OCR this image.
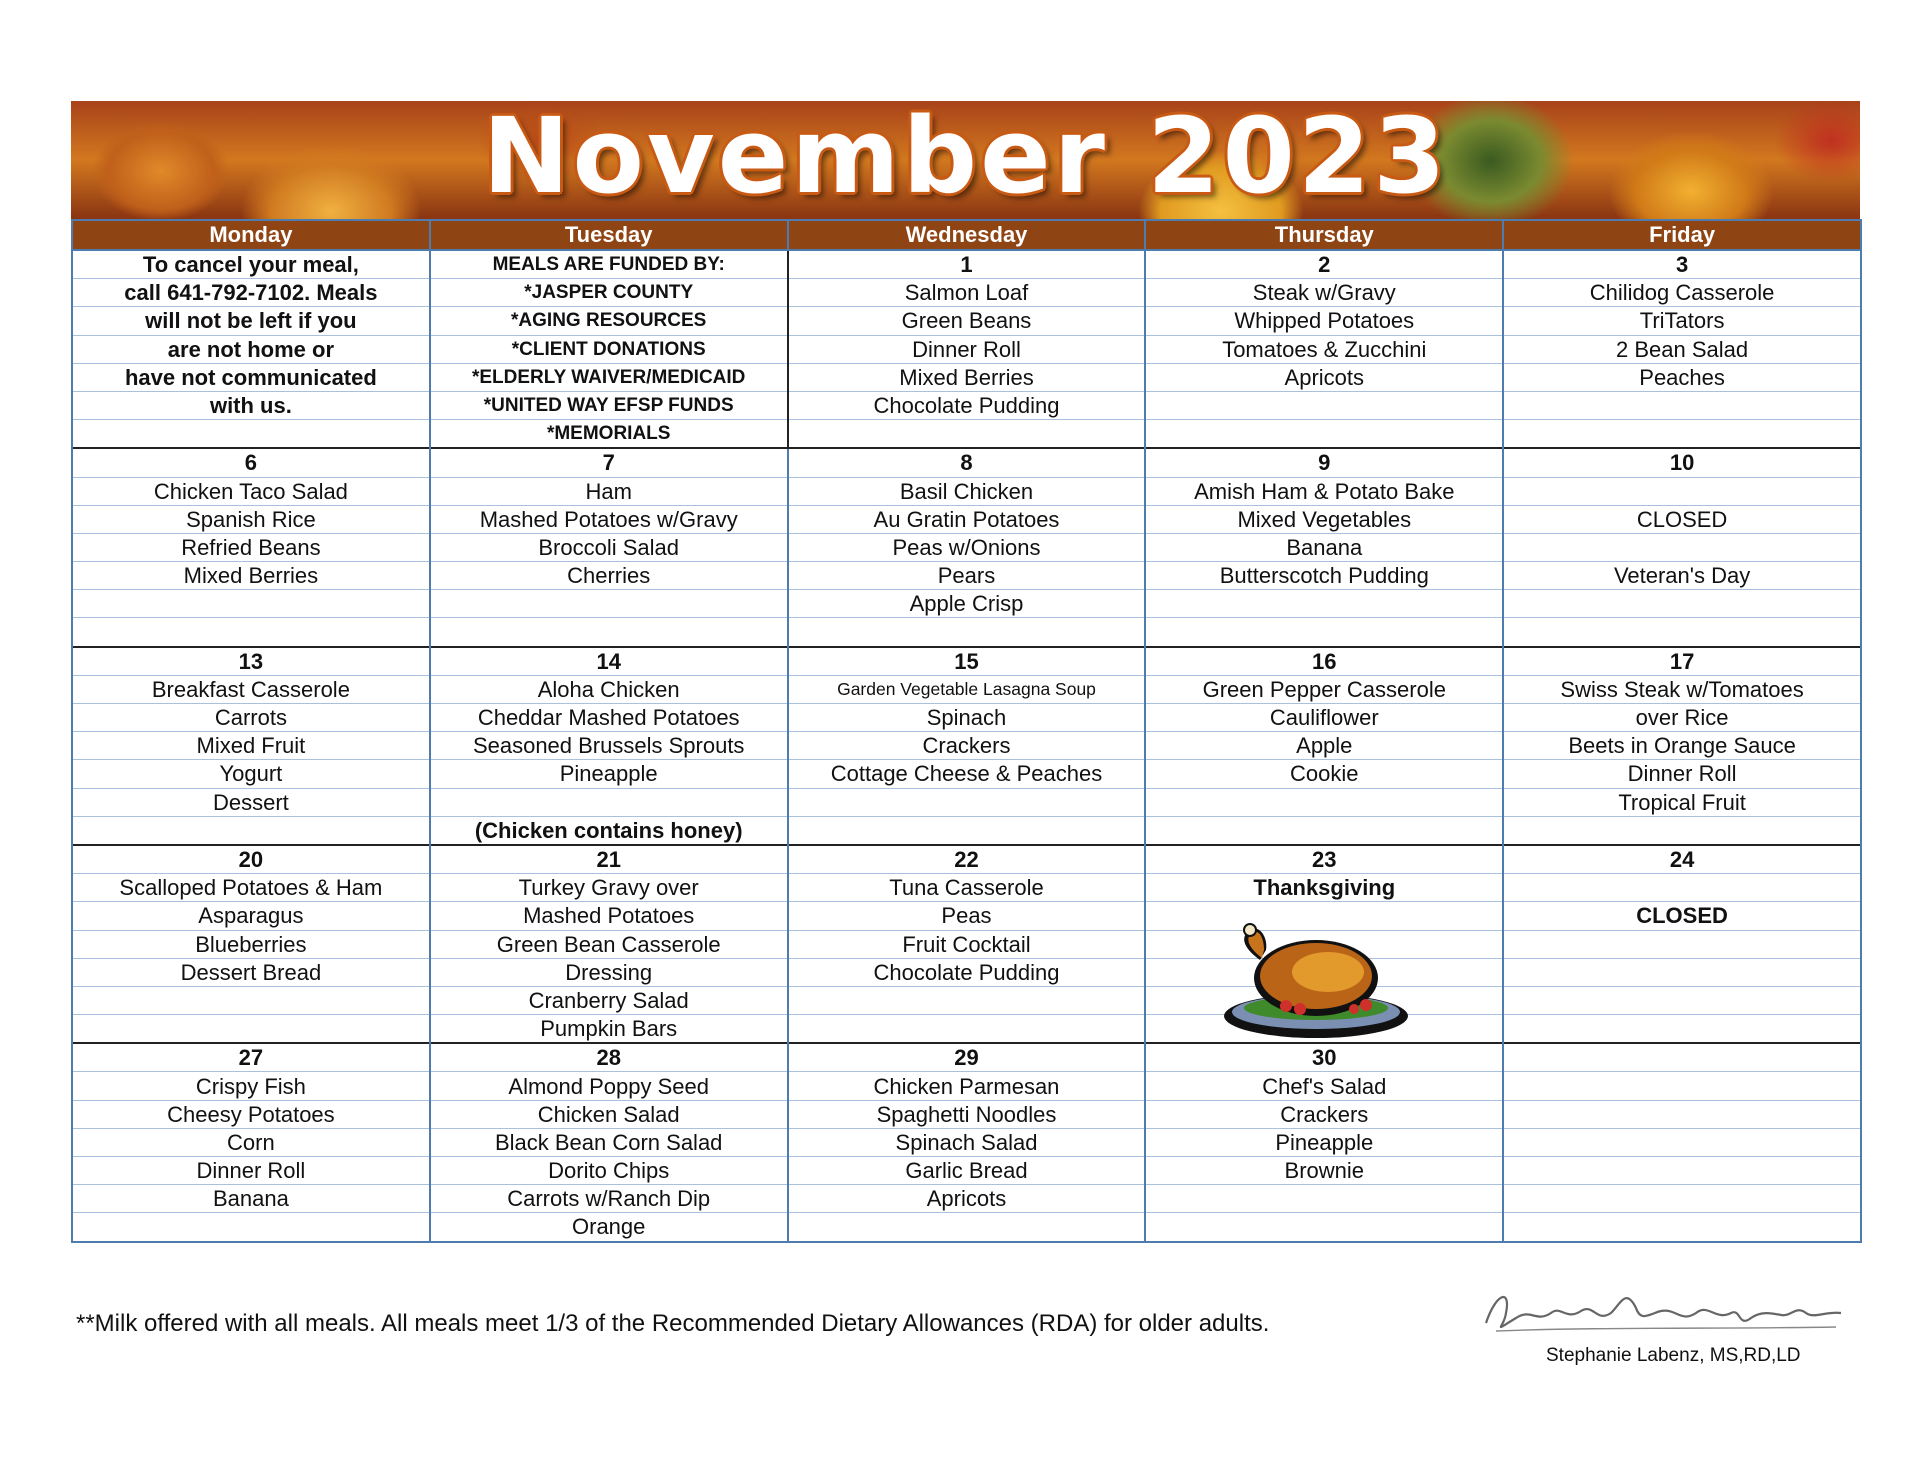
November 2023
Monday	Tuesday	Wednesday	Thursday	Friday
To cancel your meal,	MEALS ARE FUNDED BY:	1	2	3
call 641-792-7102. Meals	*JASPER COUNTY	Salmon Loaf	Steak w/Gravy	Chilidog Casserole
will not be left if you	*AGING RESOURCES	Green Beans	Whipped Potatoes	TriTators
are not home or	*CLIENT DONATIONS	Dinner Roll	Tomatoes & Zucchini	2 Bean Salad
have not communicated	*ELDERLY WAIVER/MEDICAID	Mixed Berries	Apricots	Peaches
with us.	*UNITED WAY EFSP FUNDS	Chocolate Pudding		
	*MEMORIALS			
6	7	8	9	10
Chicken Taco Salad	Ham	Basil Chicken	Amish Ham & Potato Bake	
Spanish Rice	Mashed Potatoes w/Gravy	Au Gratin Potatoes	Mixed Vegetables	CLOSED
Refried Beans	Broccoli Salad	Peas w/Onions	Banana	
Mixed Berries	Cherries	Pears	Butterscotch Pudding	Veteran's Day
		Apple Crisp		

13	14	15	16	17
Breakfast Casserole	Aloha Chicken	Garden Vegetable Lasagna Soup	Green Pepper Casserole	Swiss Steak w/Tomatoes
Carrots	Cheddar Mashed Potatoes	Spinach	Cauliflower	over Rice
Mixed Fruit	Seasoned Brussels Sprouts	Crackers	Apple	Beets in Orange Sauce
Yogurt	Pineapple	Cottage Cheese & Peaches	Cookie	Dinner Roll
Dessert				Tropical Fruit
	(Chicken contains honey)			
20	21	22	23	24
Scalloped Potatoes & Ham	Turkey Gravy over	Tuna Casserole	Thanksgiving	
Asparagus	Mashed Potatoes	Peas		CLOSED
Blueberries	Green Bean Casserole	Fruit Cocktail		
Dessert Bread	Dressing	Chocolate Pudding		
	Cranberry Salad			
	Pumpkin Bars			
27	28	29	30	
Crispy Fish	Almond Poppy Seed	Chicken Parmesan	Chef's Salad	
Cheesy Potatoes	Chicken Salad	Spaghetti Noodles	Crackers	
Corn	Black Bean Corn Salad	Spinach Salad	Pineapple	
Dinner Roll	Dorito Chips	Garlic Bread	Brownie	
Banana	Carrots w/Ranch Dip	Apricots		
	Orange			
**Milk offered with all meals. All meals meet 1/3 of the Recommended Dietary Allowances (RDA) for older adults.
Stephanie Labenz, MS,RD,LD
